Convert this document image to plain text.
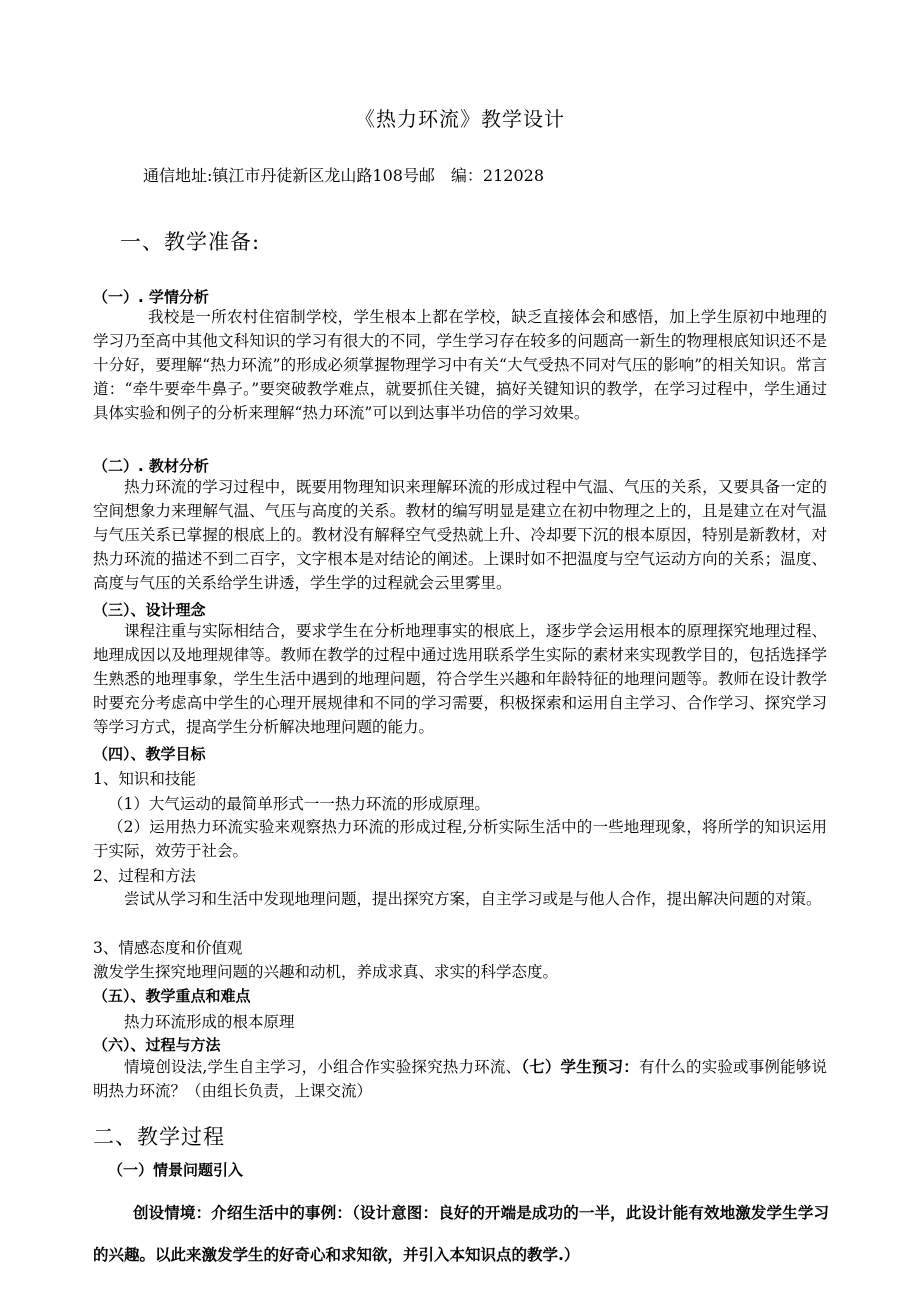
《热力环流》教学设计
通信地址:镇江市丹徒新区龙山路108号邮　编：212028
一、教学准备:
（一）. 学情分析

我校是一所农村住宿制学校，学生根本上都在学校，缺乏直接体会和感悟，加上学生原初中地理的学习乃至高中其他文科知识的学习有很大的不同，学生学习存在较多的问题高一新生的物理根底知识还不是十分好，要理解“热力环流”的形成必须掌握物理学习中有关“大气受热不同对气压的影响”的相关知识。常言道：“牵牛要牵牛鼻子。”要突破教学难点，就要抓住关键，搞好关键知识的教学，在学习过程中，学生通过具体实验和例子的分析来理解“热力环流”可以到达事半功倍的学习效果。

（二）. 教材分析

热力环流的学习过程中，既要用物理知识来理解环流的形成过程中气温、气压的关系，又要具备一定的空间想象力来理解气温、气压与高度的关系。教材的编写明显是建立在初中物理之上的，且是建立在对气温与气压关系已掌握的根底上的。教材没有解释空气受热就上升、冷却要下沉的根本原因，特别是新教材，对热力环流的描述不到二百字，文字根本是对结论的阐述。上课时如不把温度与空气运动方向的关系；温度、高度与气压的关系给学生讲透，学生学的过程就会云里雾里。

（三）、设计理念

课程注重与实际相结合，要求学生在分析地理事实的根底上，逐步学会运用根本的原理探究地理过程、地理成因以及地理规律等。教师在教学的过程中通过选用联系学生实际的素材来实现教学目的，包括选择学生熟悉的地理事象，学生生活中遇到的地理问题，符合学生兴趣和年龄特征的地理问题等。教师在设计教学时要充分考虑高中学生的心理开展规律和不同的学习需要，积极探索和运用自主学习、合作学习、探究学习等学习方式，提高学生分析解决地理问题的能力。

（四）、教学目标
1、知识和技能
（1）大气运动的最简单形式一一热力环流的形成原理。

（2）运用热力环流实验来观察热力环流的形成过程,分析实际生活中的一些地理现象，将所学的知识运用于实际，效劳于社会。

2、过程和方法

尝试从学习和生活中发现地理问题，提出探究方案，自主学习或是与他人合作，提出解决问题的对策。

3、情感态度和价值观
激发学生探究地理问题的兴趣和动机，养成求真、求实的科学态度。
（五）、教学重点和难点
热力环流形成的根本原理
（六）、过程与方法

情境创设法,学生自主学习，小组合作实验探究热力环流、（七）学生预习：有什么的实验或事例能够说明热力环流？（由组长负责，上课交流）

二、教学过程
（一）情景问题引入

创设情境：介绍生活中的事例：（设计意图：良好的开端是成功的一半，此设计能有效地激发学生学习的兴趣。以此来激发学生的好奇心和求知欲，并引入本知识点的教学.）
